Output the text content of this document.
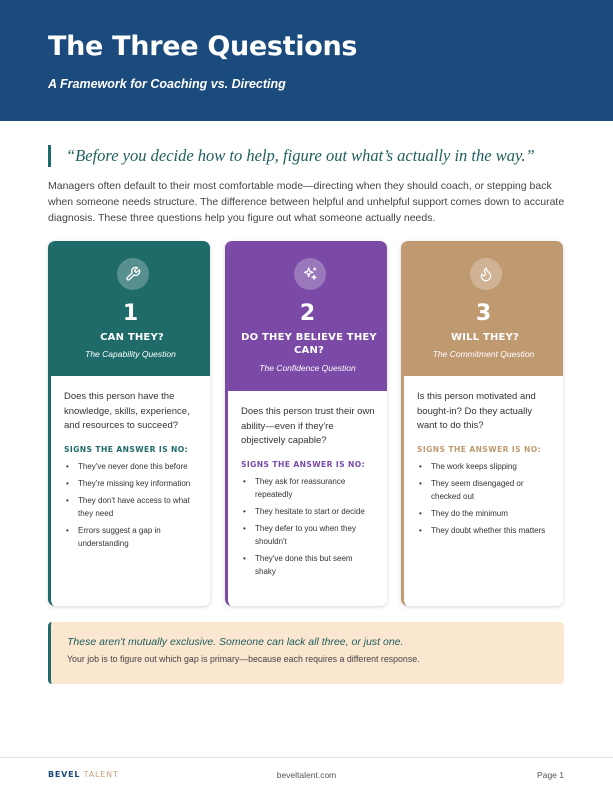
The Three Questions
A Framework for Coaching vs. Directing
“Before you decide how to help, figure out what’s actually in the way.”
Managers often default to their most comfortable mode—directing when they should coach, or stepping back when someone needs structure. The difference between helpful and unhelpful support comes down to accurate diagnosis. These three questions help you figure out what someone actually needs.
1
CAN THEY?
The Capability Question
Does this person have the knowledge, skills, experience, and resources to succeed?
SIGNS THE ANSWER IS NO:
• They've never done this before
• They're missing key information
• They don't have access to what they need
• Errors suggest a gap in understanding
2
DO THEY BELIEVE THEY CAN?
The Confidence Question
Does this person trust their own ability—even if they're objectively capable?
SIGNS THE ANSWER IS NO:
• They ask for reassurance repeatedly
• They hesitate to start or decide
• They defer to you when they shouldn't
• They've done this but seem shaky
3
WILL THEY?
The Commitment Question
Is this person motivated and bought-in? Do they actually want to do this?
SIGNS THE ANSWER IS NO:
• The work keeps slipping
• They seem disengaged or checked out
• They do the minimum
• They doubt whether this matters
These aren't mutually exclusive. Someone can lack all three, or just one.
Your job is to figure out which gap is primary—because each requires a different response.
BEVEL TALENT	beveltalent.com	Page 1
